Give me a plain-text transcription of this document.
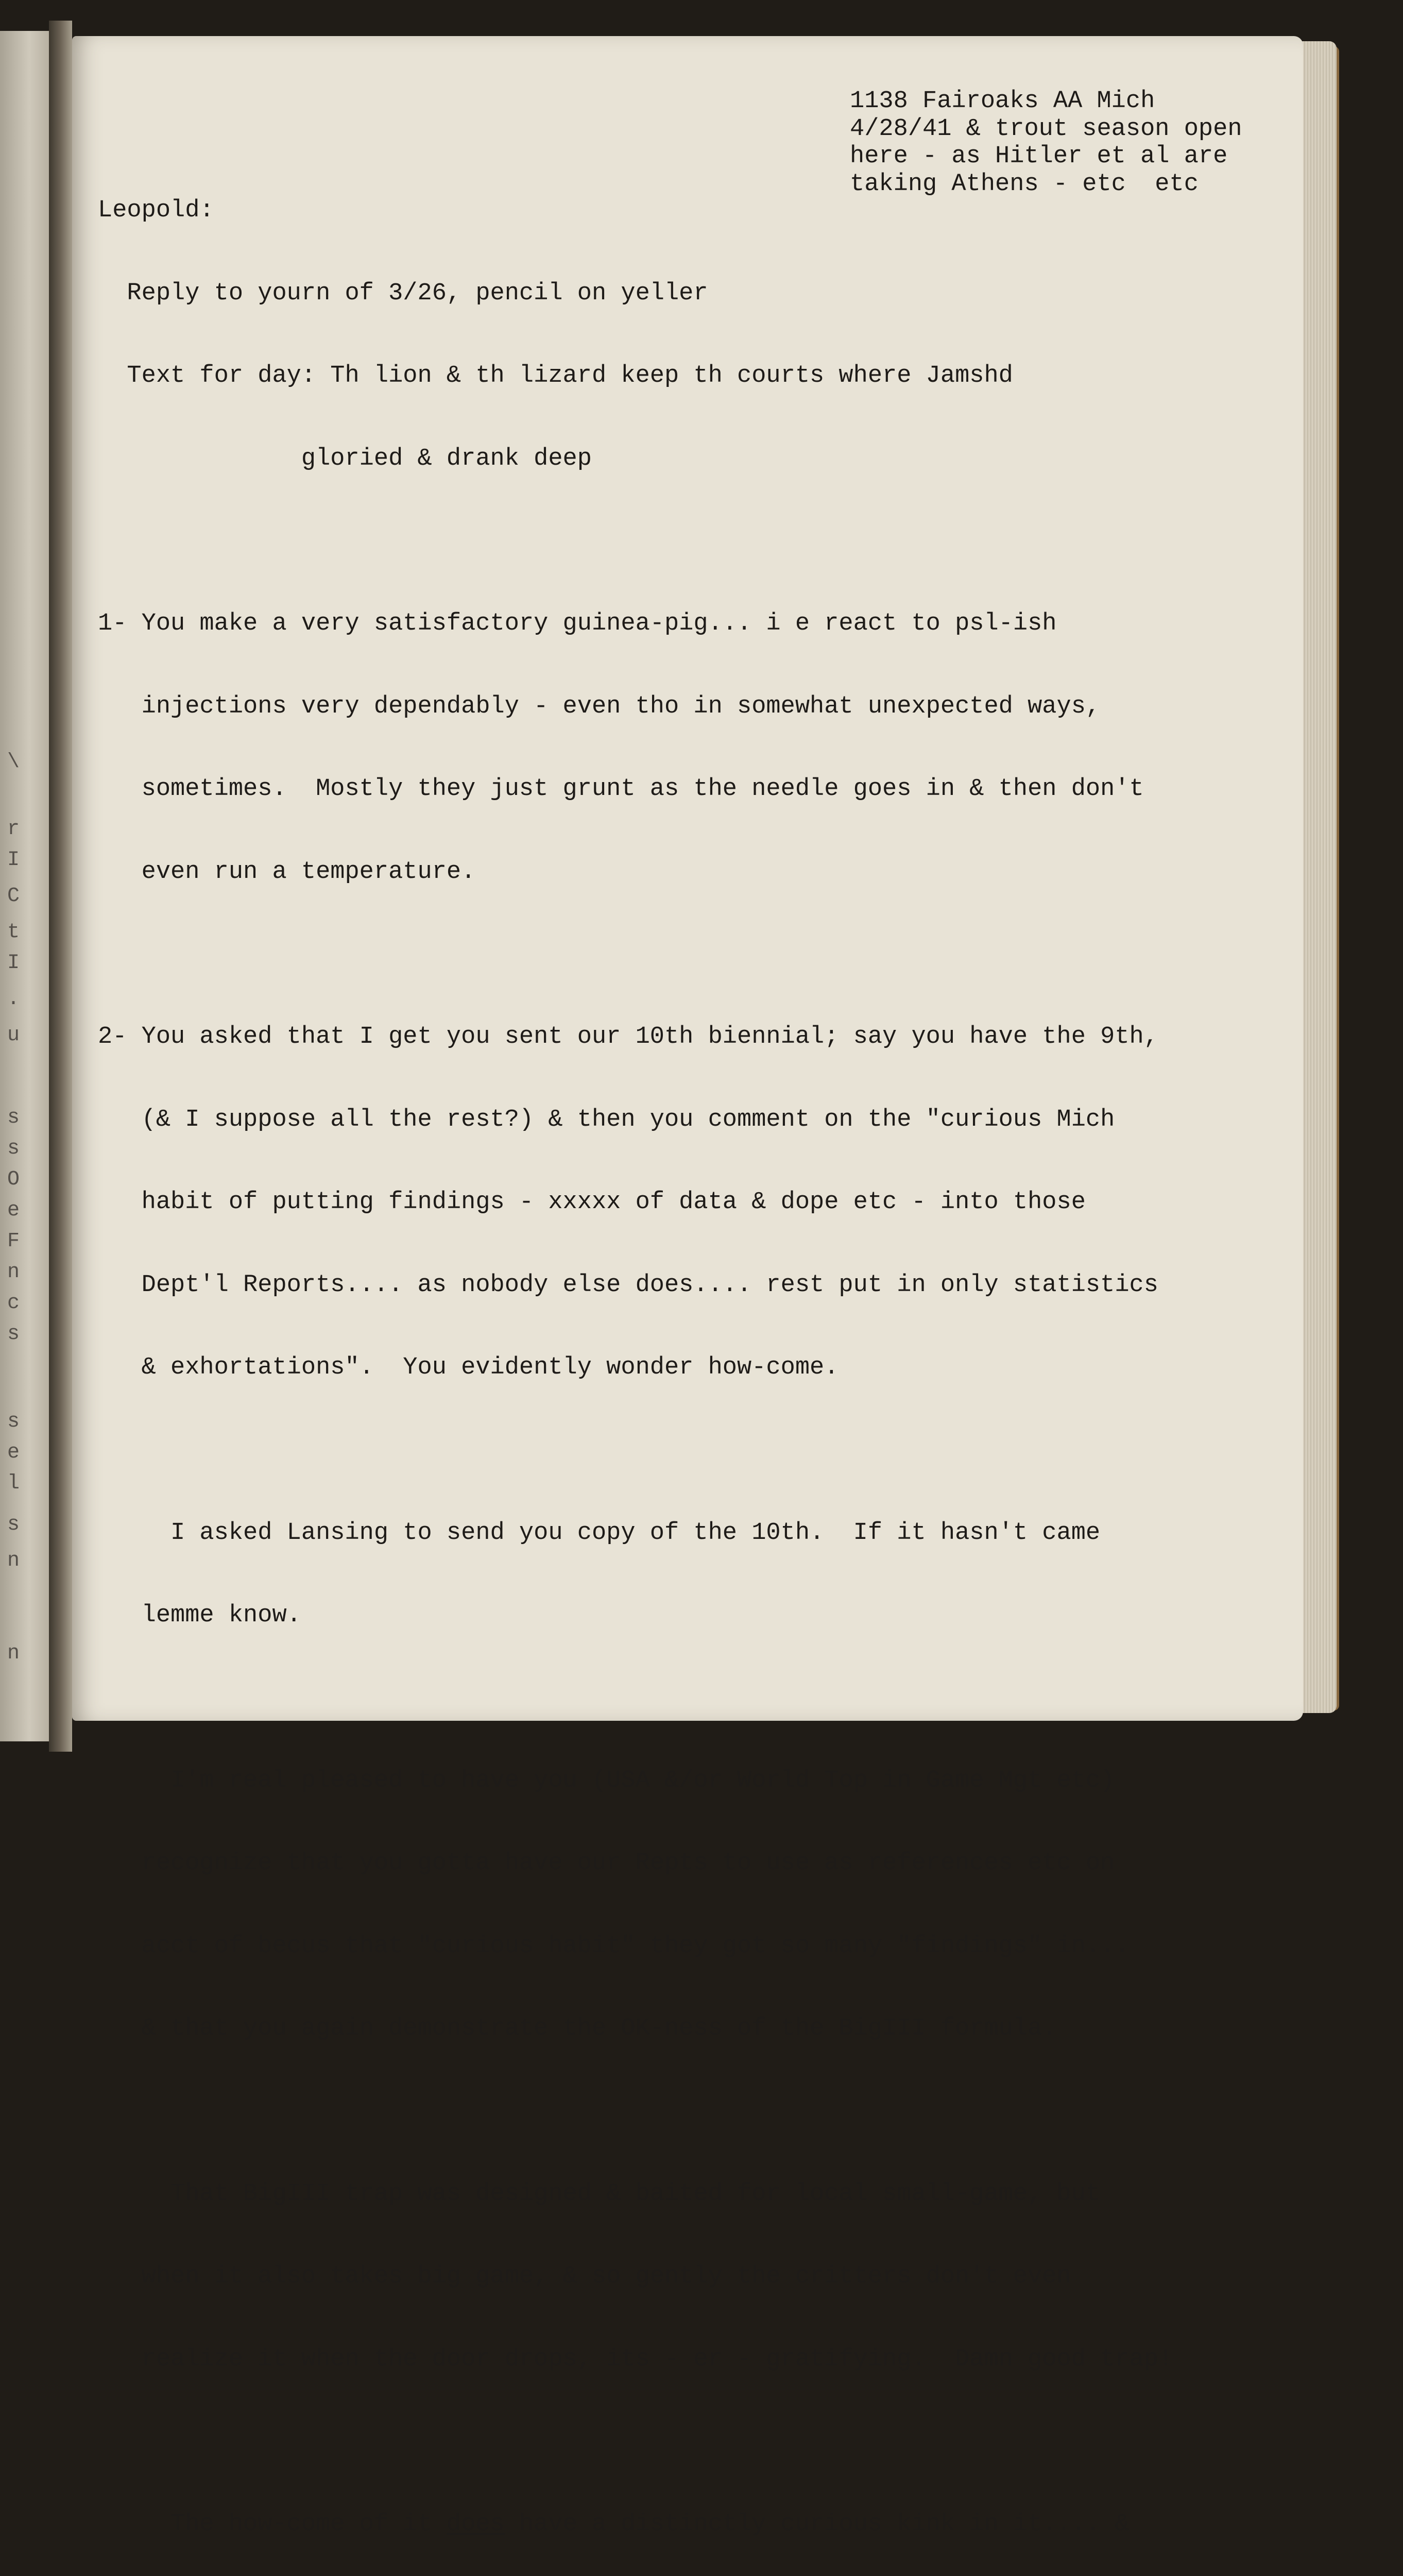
\
r
I
C
t
I
.
u
s
s
O
e
F
n
c
s
s
e
l
s
n
n
1138 Fairoaks AA Mich
4/28/41 & trout season open
here - as Hitler et al are
taking Athens - etc  etc

Leopold:

Reply to yourn of 3/26, pencil on yeller

Text for day: Th lion & th lizard keep th courts where Jamshd

gloried & drank deep

1- You make a very satisfactory guinea-pig... i e react to psl-ish

injections very dependably - even tho in somewhat unexpected ways,

sometimes.  Mostly they just grunt as the needle goes in & then don't

even run a temperature.

2- You asked that I get you sent our 10th biennial; say you have the 9th,

(& I suppose all the rest?) & then you comment on the "curious Mich

habit of putting findings - xxxxx of data & dope etc - into those

Dept'l Reports.... as nobody else does.... rest put in only statistics

& exhortations".  You evidently wonder how-come.

I asked Lansing to send you copy of the 10th.  If it hasn't came

lemme know.

I'm real pleased to have you (USA &/or World Top in Game Mgt etc)

recognize that you gotta have our Repts to use as references etc on

acct of becus that "curious habit" they got so many "findings" in...

& that you again demonstrate the OK-ness of the BigIII formula.

That BigIII trap was designed & baited for local small-game, but

when it also takes big game, & so gently the critters don't even

realize it when the door drops, its - er - gratifying.  Damn good trap!

The how-come of it does have a distinctly curious kink in it.... &
